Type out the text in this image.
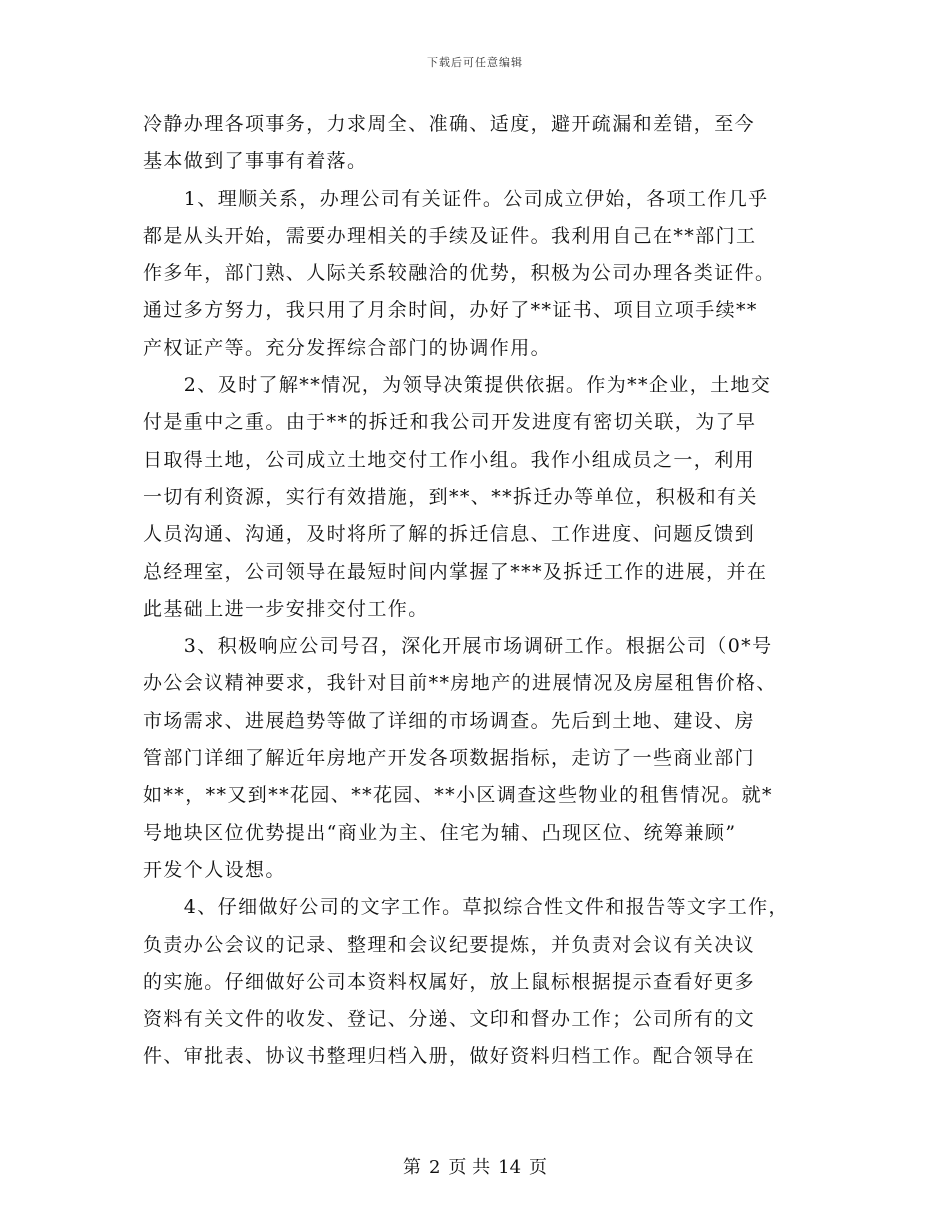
下载后可任意编辑
冷静办理各项事务，力求周全、准确、适度，避开疏漏和差错，至今
基本做到了事事有着落。
　　1、理顺关系，办理公司有关证件。公司成立伊始，各项工作几乎
都是从头开始，需要办理相关的手续及证件。我利用自己在**部门工
作多年，部门熟、人际关系较融洽的优势，积极为公司办理各类证件。
通过多方努力，我只用了月余时间，办好了**证书、项目立项手续**
产权证产等。充分发挥综合部门的协调作用。
　　2、及时了解**情况，为领导决策提供依据。作为**企业，土地交
付是重中之重。由于**的拆迁和我公司开发进度有密切关联，为了早
日取得土地，公司成立土地交付工作小组。我作小组成员之一，利用
一切有利资源，实行有效措施，到**、**拆迁办等单位，积极和有关
人员沟通、沟通，及时将所了解的拆迁信息、工作进度、问题反馈到
总经理室，公司领导在最短时间内掌握了***及拆迁工作的进展，并在
此基础上进一步安排交付工作。
　　3、积极响应公司号召，深化开展市场调研工作。根据公司（0*号
办公会议精神要求，我针对目前**房地产的进展情况及房屋租售价格、
市场需求、进展趋势等做了详细的市场调查。先后到土地、建设、房
管部门详细了解近年房地产开发各项数据指标，走访了一些商业部门
如**，**又到**花园、**花园、**小区调查这些物业的租售情况。就*
号地块区位优势提出“商业为主、住宅为辅、凸现区位、统筹兼顾”
开发个人设想。
　　4、仔细做好公司的文字工作。草拟综合性文件和报告等文字工作，
负责办公会议的记录、整理和会议纪要提炼，并负责对会议有关决议
的实施。仔细做好公司本资料权属好，放上鼠标根据提示查看好更多
资料有关文件的收发、登记、分递、文印和督办工作；公司所有的文
件、审批表、协议书整理归档入册，做好资料归档工作。配合领导在
第 2 页 共 14 页
